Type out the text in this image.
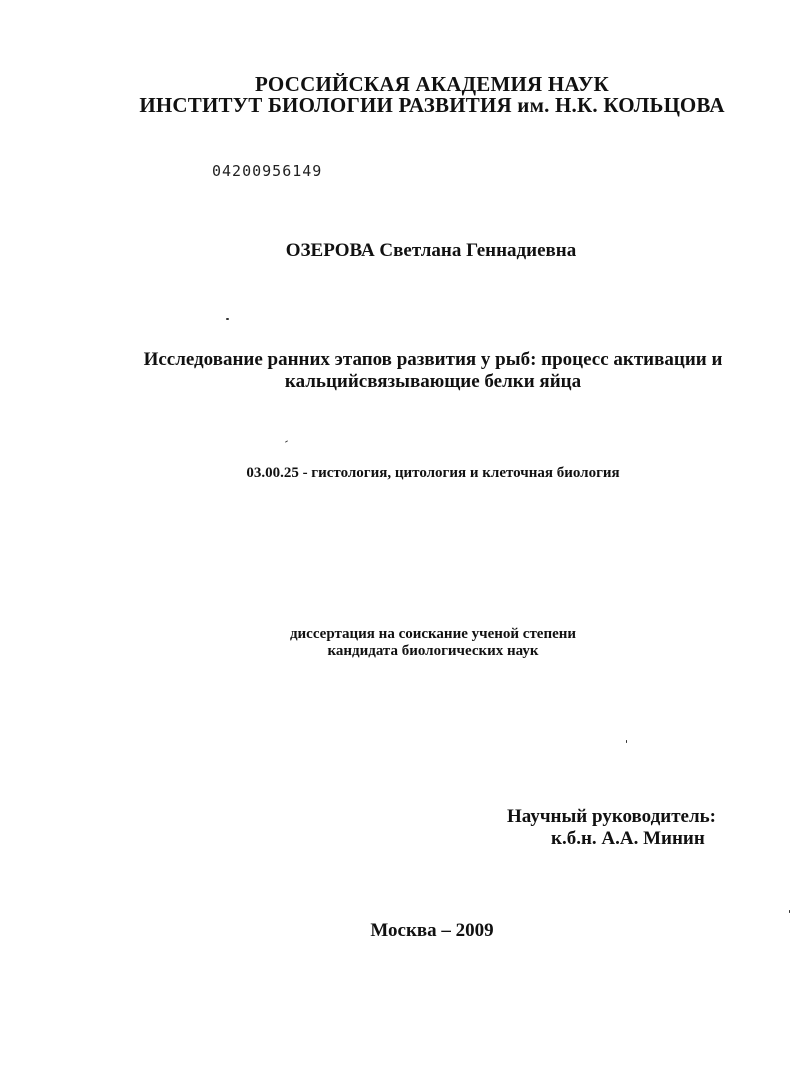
РОССИЙСКАЯ АКАДЕМИЯ НАУК
ИНСТИТУТ БИОЛОГИИ РАЗВИТИЯ им. Н.К. КОЛЬЦОВА
04200956149
ОЗЕРОВА Светлана Геннадиевна
Исследование ранних этапов развития у рыб: процесс активации и
кальцийсвязывающие белки яйца
03.00.25 - гистология, цитология и клеточная биология
диссертация на соискание ученой степени
кандидата биологических наук
Научный руководитель:
к.б.н. А.А. Минин
Москва – 2009
